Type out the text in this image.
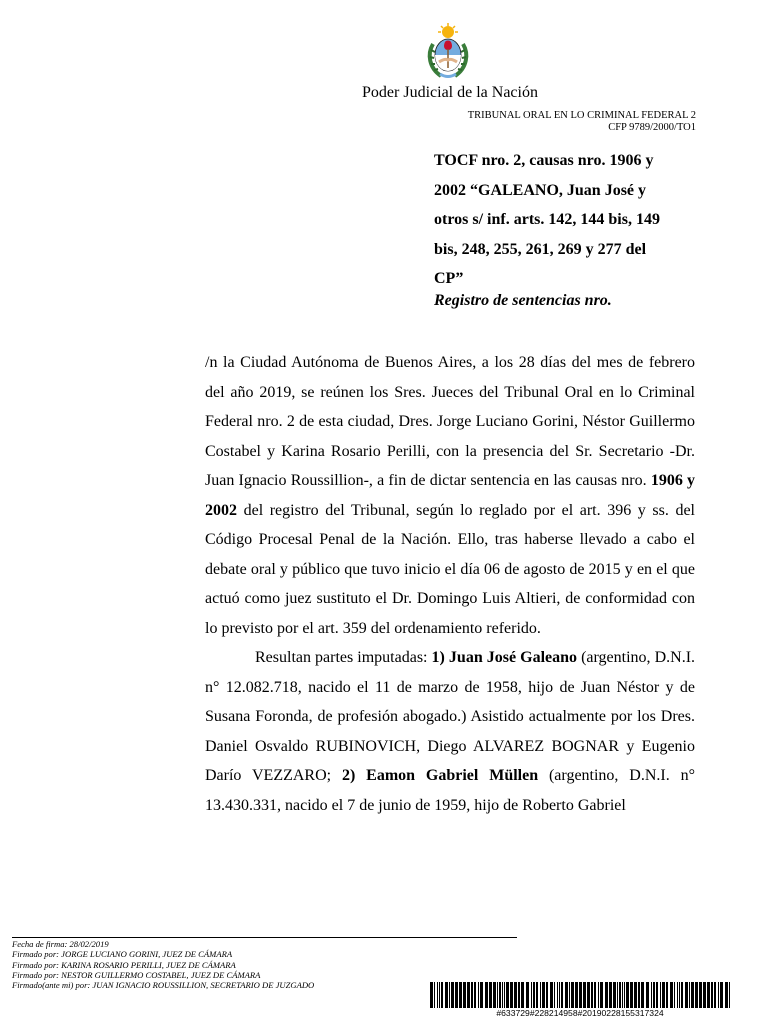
Poder Judicial de la Nación
TRIBUNAL ORAL EN LO CRIMINAL FEDERAL 2
CFP 9789/2000/TO1
TOCF nro. 2, causas nro. 1906 y
2002 “GALEANO, Juan José y
otros s/ inf. arts. 142, 144 bis, 149
bis, 248, 255, 261, 269 y 277 del
CP”
Registro de sentencias nro.

/n la Ciudad Autónoma de Buenos Aires, a los 28 días del mes de febrero del año 2019, se reúnen los Sres. Jueces del Tribunal Oral en lo Criminal Federal nro. 2 de esta ciudad, Dres. Jorge Luciano Gorini, Néstor Guillermo Costabel y Karina Rosario Perilli, con la presencia del Sr. Secretario -Dr. Juan Ignacio Roussillion-, a fin de dictar sentencia en las causas nro. 1906 y 2002 del registro del Tribunal, según lo reglado por el art. 396 y ss. del Código Procesal Penal de la Nación. Ello, tras haberse llevado a cabo el debate oral y público que tuvo inicio el día 06 de agosto de 2015 y en el que actuó como juez sustituto el Dr. Domingo Luis Altieri, de conformidad con lo previsto por el art. 359 del ordenamiento referido.

Resultan partes imputadas: 1) Juan José Galeano (argentino, D.N.I. n° 12.082.718, nacido el 11 de marzo de 1958, hijo de Juan Néstor y de Susana Foronda, de profesión abogado.) Asistido actualmente por los Dres. Daniel Osvaldo RUBINOVICH, Diego ALVAREZ BOGNAR y Eugenio Darío VEZZARO; 2) Eamon Gabriel Müllen (argentino, D.N.I. n° 13.430.331, nacido el 7 de junio de 1959, hijo de Roberto Gabriel

Fecha de firma: 28/02/2019
Firmado por: JORGE LUCIANO GORINI, JUEZ DE CÁMARA
Firmado por: KARINA ROSARIO PERILLI, JUEZ DE CÁMARA
Firmado por: NESTOR GUILLERMO COSTABEL, JUEZ DE CÁMARA
Firmado(ante mi) por: JUAN IGNACIO ROUSSILLION, SECRETARIO DE JUZGADO
#633729#228214958#20190228155317324
